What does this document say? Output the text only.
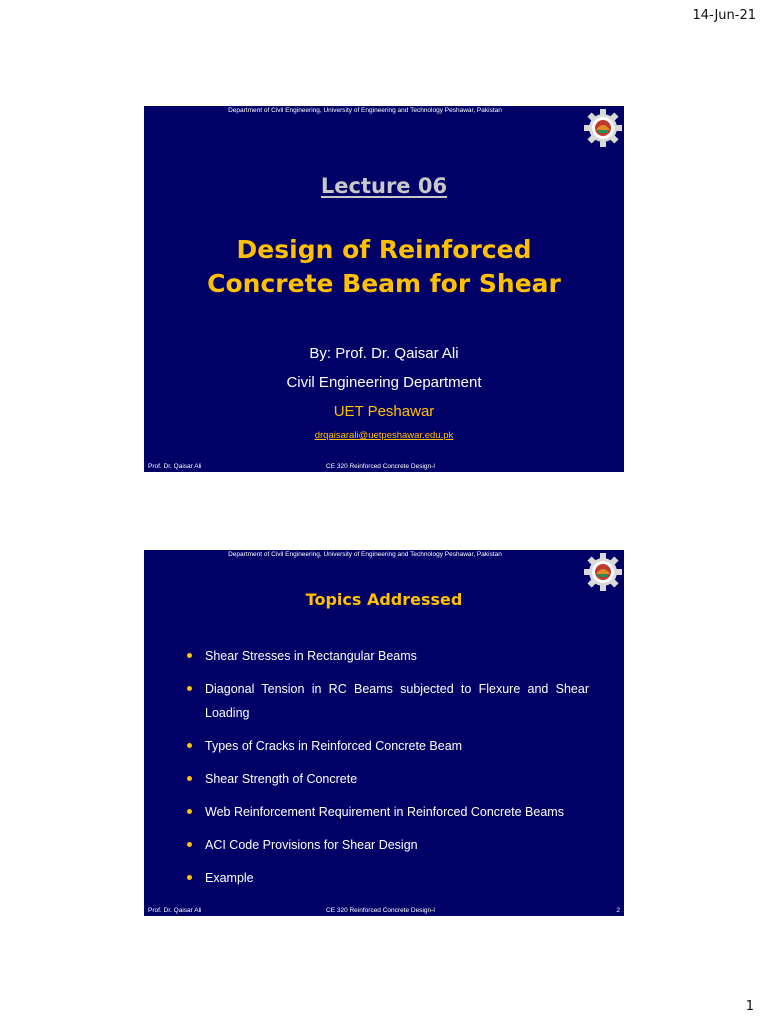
14-Jun-21
Department of Civil Engineering, University of Engineering and Technology Peshawar, Pakistan
Lecture 06
Design of Reinforced
Concrete Beam for Shear
By: Prof. Dr. Qaisar Ali
Civil Engineering Department
UET Peshawar
drqaisarali@uetpeshawar.edu.pk
Prof. Dr. Qaisar Ali	CE 320 Reinforced Concrete Design-I
Department of Civil Engineering, University of Engineering and Technology Peshawar, Pakistan
Topics Addressed
Shear Stresses in Rectangular Beams
Diagonal Tension in RC Beams subjected to Flexure and Shear Loading
Types of Cracks in Reinforced Concrete Beam
Shear Strength of Concrete
Web Reinforcement Requirement in Reinforced Concrete Beams
ACI Code Provisions for Shear Design
Example
Prof. Dr. Qaisar Ali	CE 320 Reinforced Concrete Design-I	2
1
